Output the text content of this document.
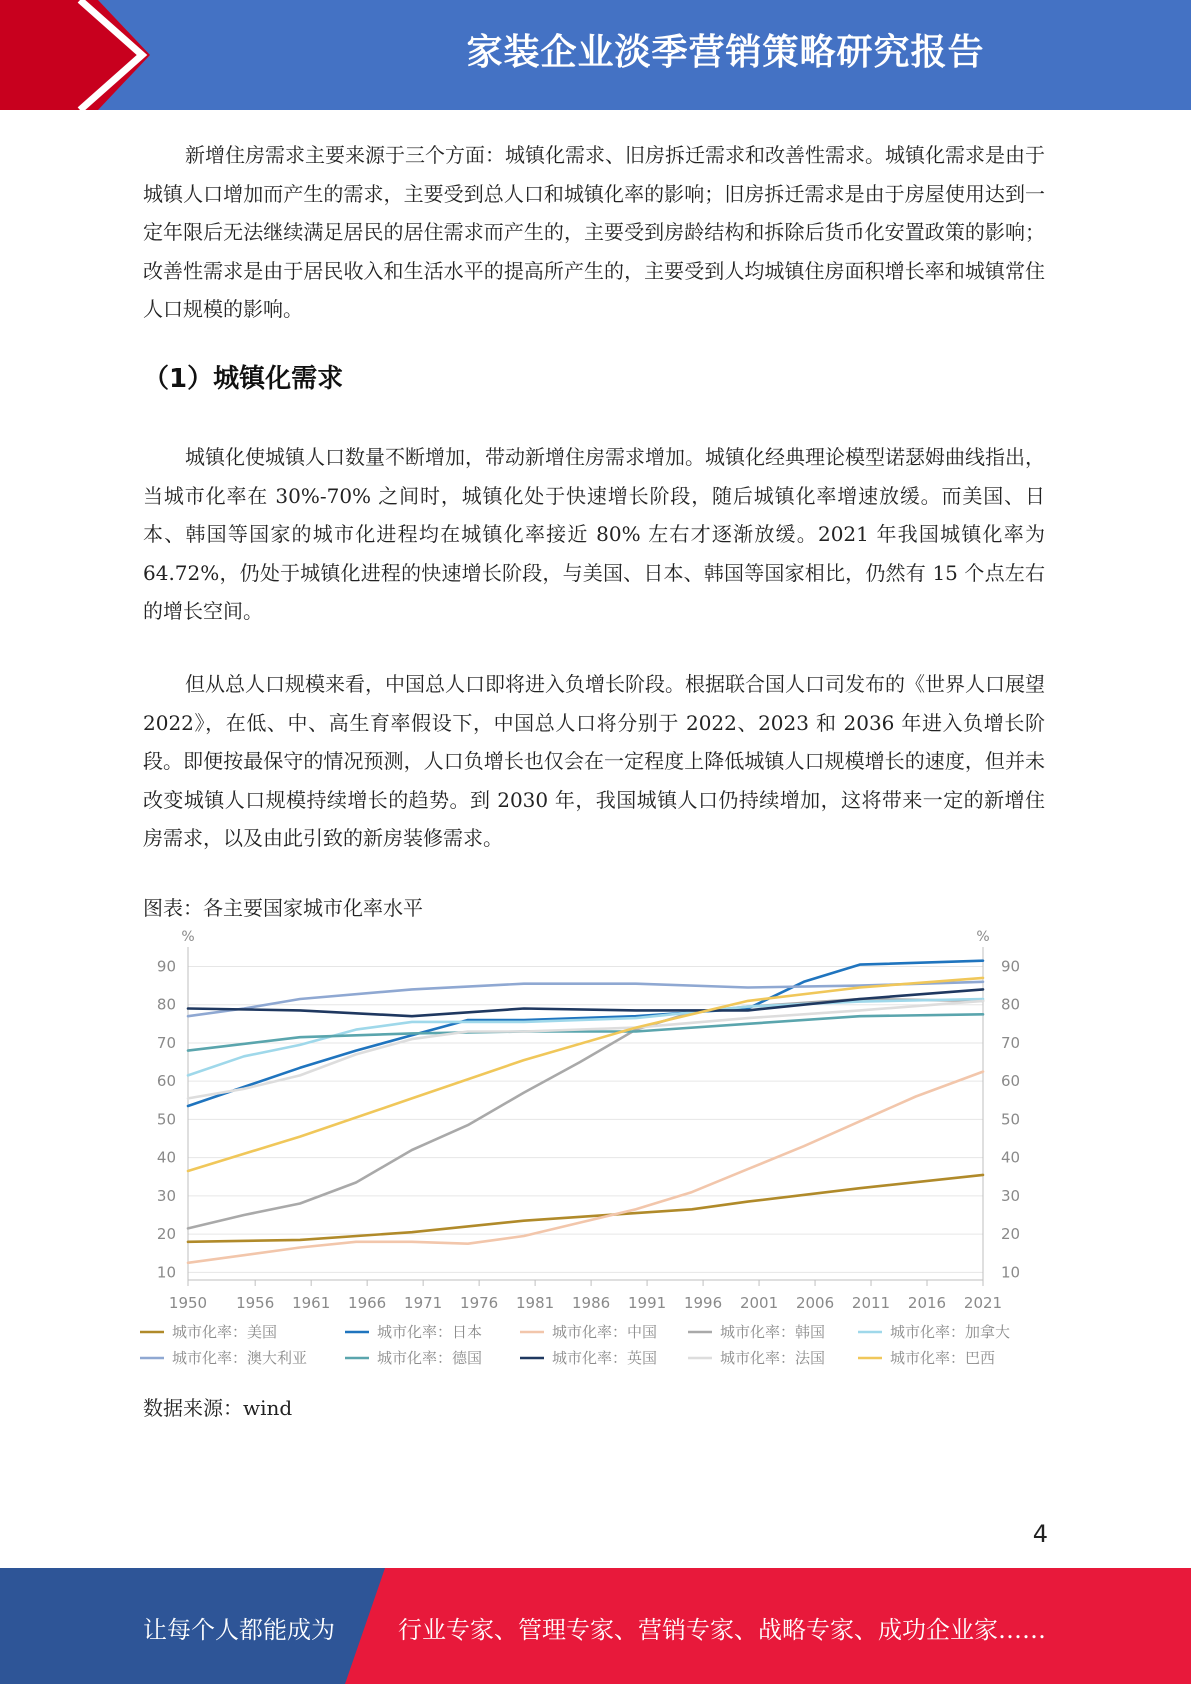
家装企业淡季营销策略研究报告

新增住房需求主要来源于三个方面：城镇化需求、旧房拆迁需求和改善性需求。城镇化需求是由于城镇人口增加而产生的需求，主要受到总人口和城镇化率的影响；旧房拆迁需求是由于房屋使用达到一定年限后无法继续满足居民的居住需求而产生的，主要受到房龄结构和拆除后货币化安置政策的影响；改善性需求是由于居民收入和生活水平的提高所产生的，主要受到人均城镇住房面积增长率和城镇常住人口规模的影响。

（1）城镇化需求

城镇化使城镇人口数量不断增加，带动新增住房需求增加。城镇化经典理论模型诺瑟姆曲线指出，当城市化率在 30%-70% 之间时，城镇化处于快速增长阶段，随后城镇化率增速放缓。而美国、日本、韩国等国家的城市化进程均在城镇化率接近 80% 左右才逐渐放缓。2021 年我国城镇化率为 64.72%，仍处于城镇化进程的快速增长阶段，与美国、日本、韩国等国家相比，仍然有 15 个点左右的增长空间。

但从总人口规模来看，中国总人口即将进入负增长阶段。根据联合国人口司发布的《世界人口展望 2022》，在低、中、高生育率假设下，中国总人口将分别于 2022、2023 和 2036 年进入负增长阶段。即便按最保守的情况预测，人口负增长也仅会在一定程度上降低城镇人口规模增长的速度，但并未改变城镇人口规模持续增长的趋势。到 2030 年，我国城镇人口仍持续增加，这将带来一定的新增住房需求，以及由此引致的新房装修需求。

图表：各主要国家城市化率水平
10	10
20	20
30	30
40	40
50	50
60	60
70	70
80	80
90	90
%	%
1950 1956 1961 1966 1971 1976 1981 1986 1991 1996 2001 2006 2011 2016 2021
城市化率：美国	城市化率：日本	城市化率：中国	城市化率：韩国	城市化率：加拿大
城市化率：澳大利亚	城市化率：德国	城市化率：英国	城市化率：法国	城市化率：巴西
数据来源：wind
4
让每个人都能成为	行业专家、管理专家、营销专家、战略专家、成功企业家……
